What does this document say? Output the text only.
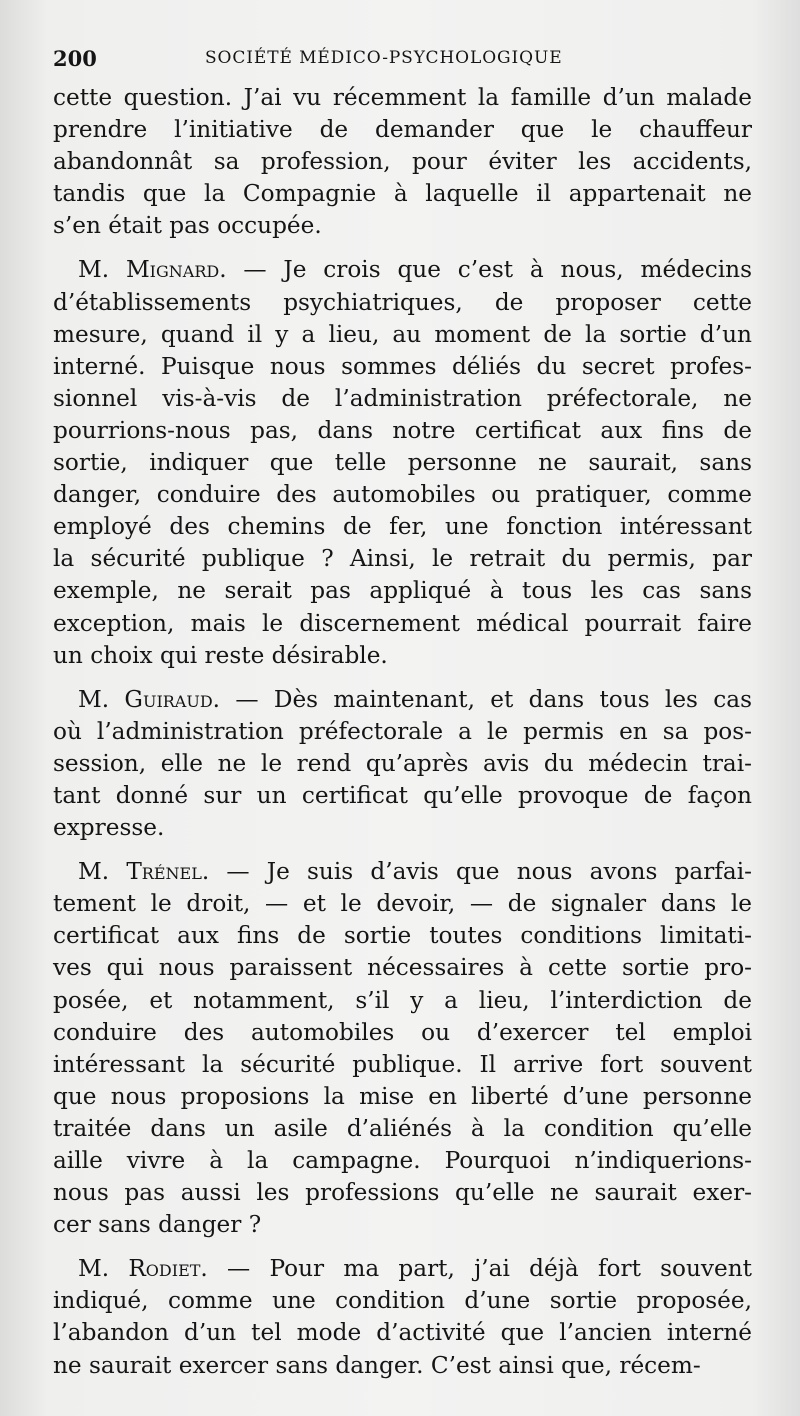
200	SOCIÉTÉ MÉDICO-PSYCHOLOGIQUE
cette question. J’ai vu récemment la famille d’un malade
prendre l’initiative de demander que le chauffeur
abandonnât sa profession, pour éviter les accidents,
tandis que la Compagnie à laquelle il appartenait ne
s’en était pas occupée.
M. Mignard. — Je crois que c’est à nous, médecins
d’établissements psychiatriques, de proposer cette
mesure, quand il y a lieu, au moment de la sortie d’un
interné. Puisque nous sommes déliés du secret profes-
sionnel vis-à-vis de l’administration préfectorale, ne
pourrions-nous pas, dans notre certificat aux fins de
sortie, indiquer que telle personne ne saurait, sans
danger, conduire des automobiles ou pratiquer, comme
employé des chemins de fer, une fonction intéressant
la sécurité publique ? Ainsi, le retrait du permis, par
exemple, ne serait pas appliqué à tous les cas sans
exception, mais le discernement médical pourrait faire
un choix qui reste désirable.
M. Guiraud. — Dès maintenant, et dans tous les cas
où l’administration préfectorale a le permis en sa pos-
session, elle ne le rend qu’après avis du médecin trai-
tant donné sur un certificat qu’elle provoque de façon
expresse.
M. Trénel. — Je suis d’avis que nous avons parfai-
tement le droit, — et le devoir, — de signaler dans le
certificat aux fins de sortie toutes conditions limitati-
ves qui nous paraissent nécessaires à cette sortie pro-
posée, et notamment, s’il y a lieu, l’interdiction de
conduire des automobiles ou d’exercer tel emploi
intéressant la sécurité publique. Il arrive fort souvent
que nous proposions la mise en liberté d’une personne
traitée dans un asile d’aliénés à la condition qu’elle
aille vivre à la campagne. Pourquoi n’indiquerions-
nous pas aussi les professions qu’elle ne saurait exer-
cer sans danger ?
M. Rodiet. — Pour ma part, j’ai déjà fort souvent
indiqué, comme une condition d’une sortie proposée,
l’abandon d’un tel mode d’activité que l’ancien interné
ne saurait exercer sans danger. C’est ainsi que, récem-
